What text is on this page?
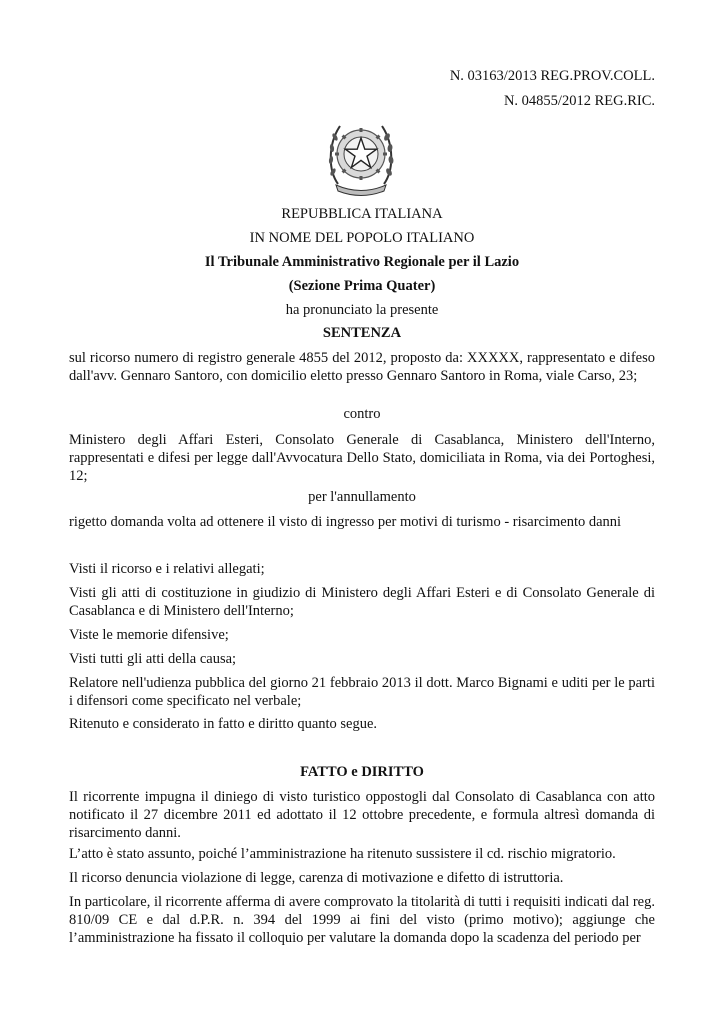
N. 03163/2013 REG.PROV.COLL.
N. 04855/2012 REG.RIC.
REPUBBLICA ITALIANA
IN NOME DEL POPOLO ITALIANO
Il Tribunale Amministrativo Regionale per il Lazio
(Sezione Prima Quater)
ha pronunciato la presente
SENTENZA
sul ricorso numero di registro generale 4855 del 2012, proposto da: XXXXX, rappresentato e difeso dall'avv. Gennaro Santoro, con domicilio eletto presso Gennaro Santoro in Roma, viale Carso, 23;
contro
Ministero degli Affari Esteri, Consolato Generale di Casablanca, Ministero dell'Interno, rappresentati e difesi per legge dall'Avvocatura Dello Stato, domiciliata in Roma, via dei Portoghesi, 12;
per l'annullamento
rigetto domanda volta ad ottenere il visto di ingresso per motivi di turismo - risarcimento danni
Visti il ricorso e i relativi allegati;
Visti gli atti di costituzione in giudizio di Ministero degli Affari Esteri e di Consolato Generale di Casablanca e di Ministero dell'Interno;
Viste le memorie difensive;
Visti tutti gli atti della causa;
Relatore nell'udienza pubblica del giorno 21 febbraio 2013 il dott. Marco Bignami e uditi per le parti i difensori come specificato nel verbale;
Ritenuto e considerato in fatto e diritto quanto segue.
FATTO e DIRITTO
Il ricorrente impugna il diniego di visto turistico oppostogli dal Consolato di Casablanca con atto notificato il 27 dicembre 2011 ed adottato il 12 ottobre precedente, e formula altresì domanda di risarcimento danni.
L’atto è stato assunto, poiché l’amministrazione ha ritenuto sussistere il cd. rischio migratorio.
Il ricorso denuncia violazione di legge, carenza di motivazione e difetto di istruttoria.
In particolare, il ricorrente afferma di avere comprovato la titolarità di tutti i requisiti indicati dal reg. 810/09 CE e dal d.P.R. n. 394 del 1999 ai fini del visto (primo motivo); aggiunge che l’amministrazione ha fissato il colloquio per valutare la domanda dopo la scadenza del periodo per
